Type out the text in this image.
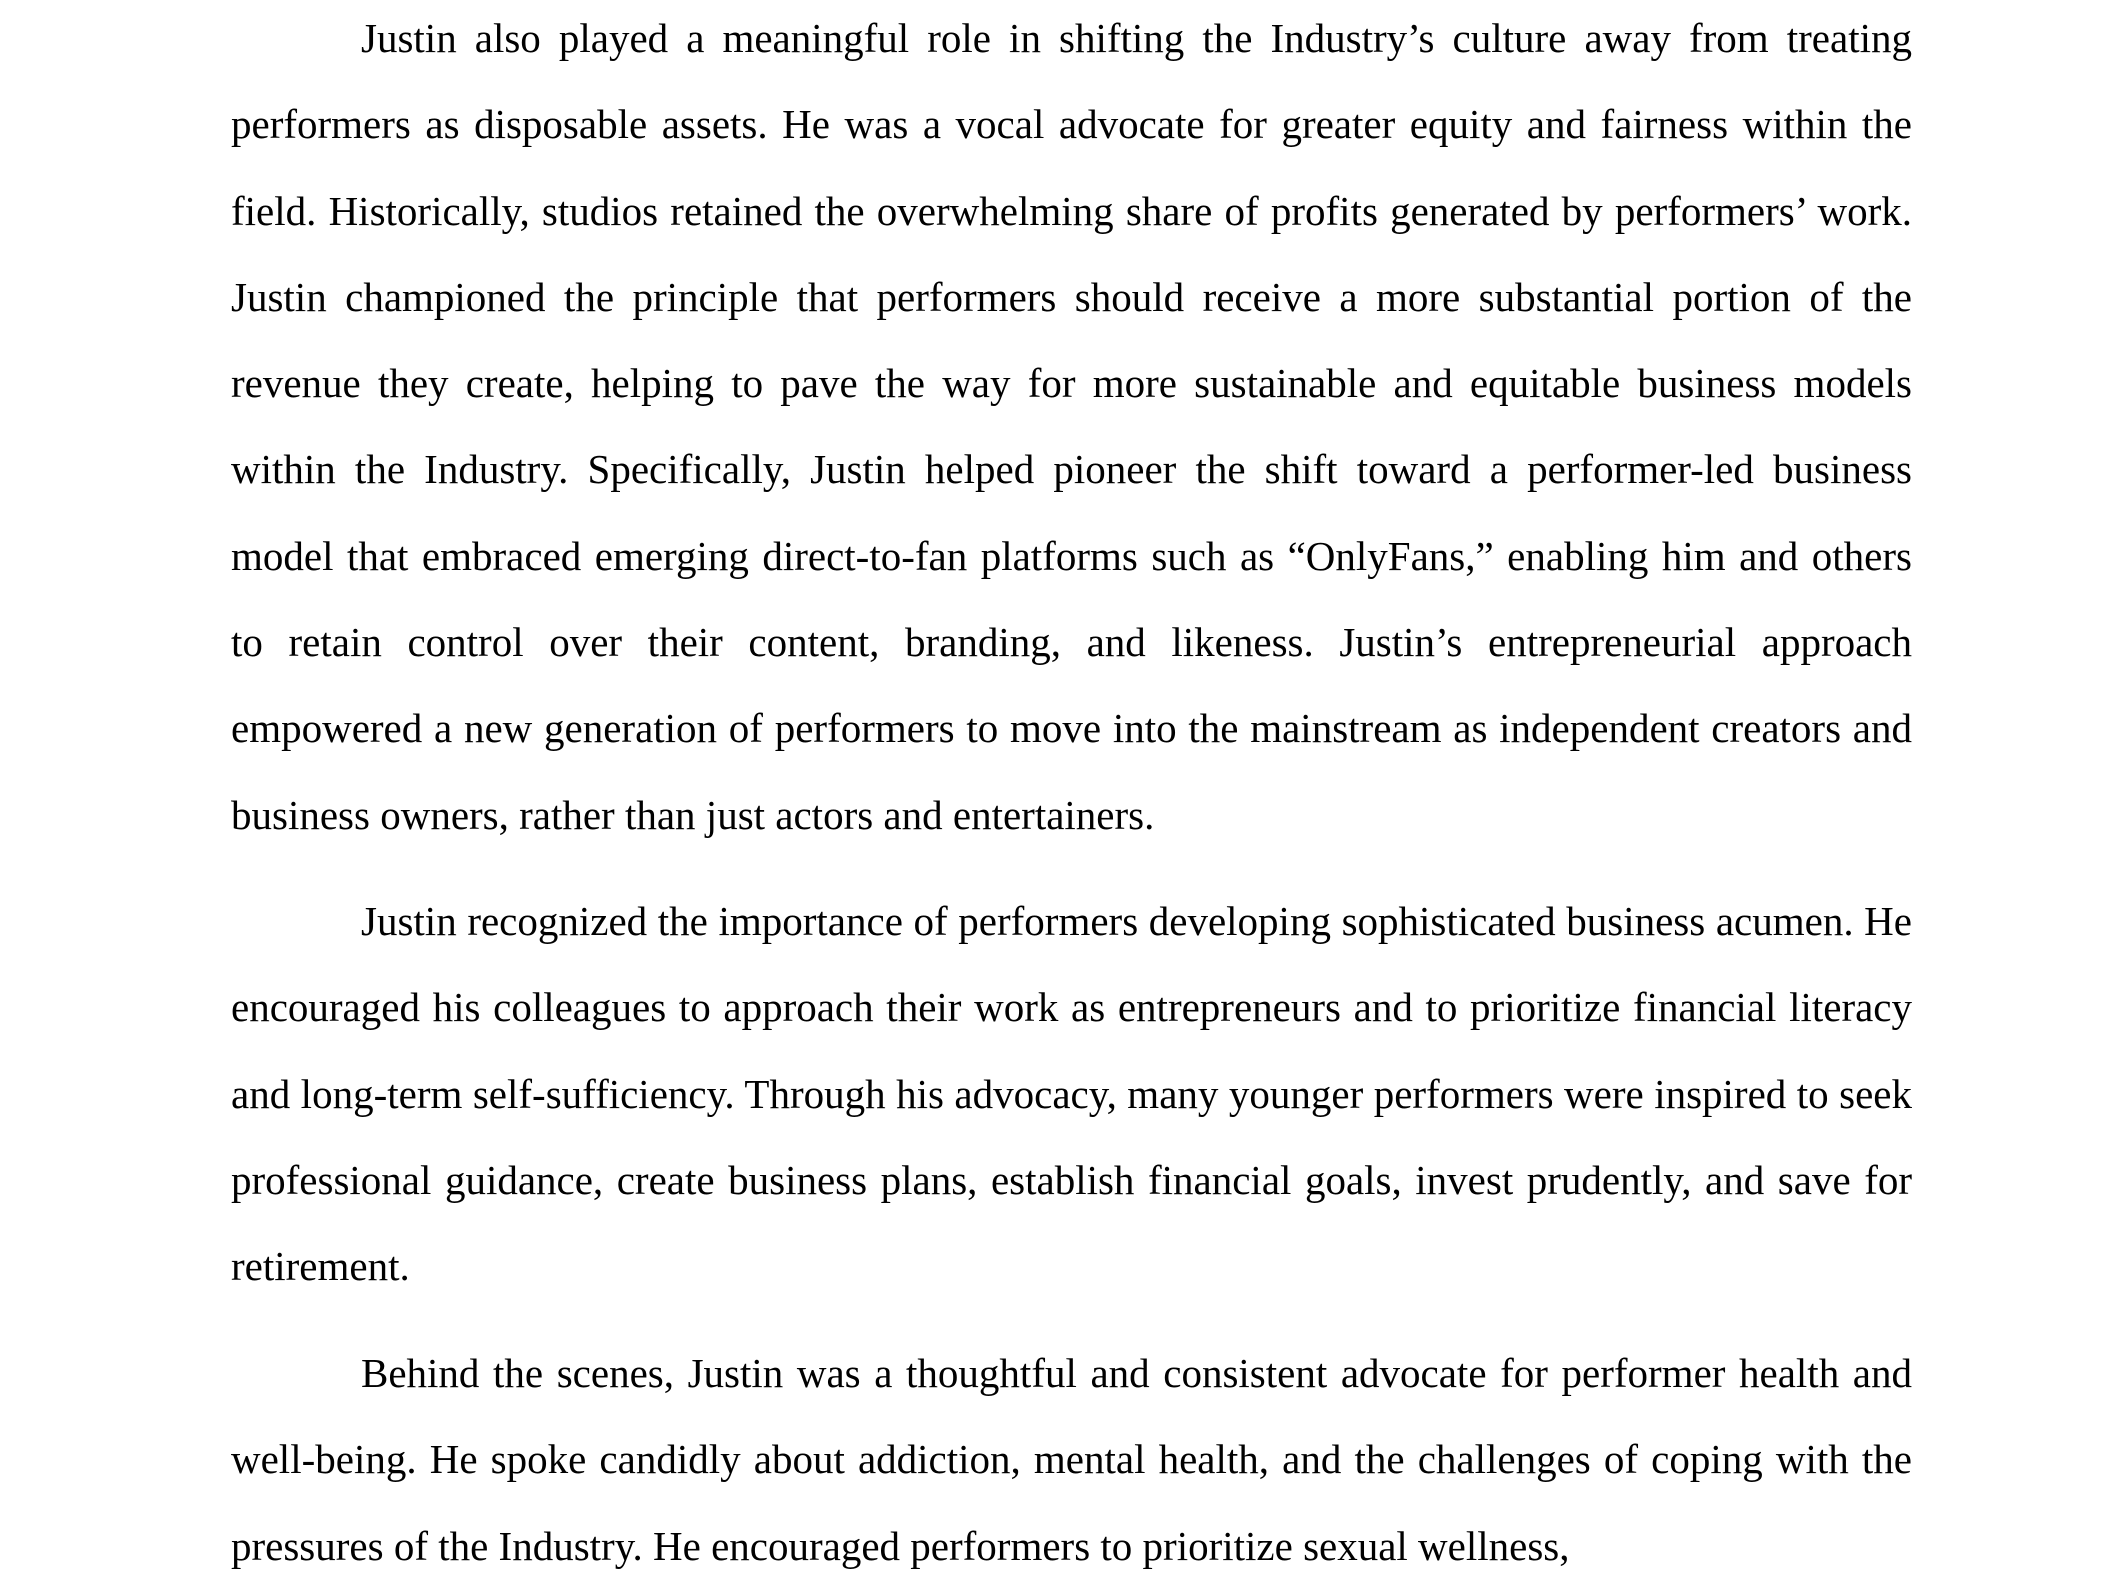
Justin also played a meaningful role in shifting the Industry’s culture away from treating performers as disposable assets. He was a vocal advocate for greater equity and fairness within the field. Historically, studios retained the overwhelming share of profits generated by performers’ work. Justin championed the principle that performers should receive a more substantial portion of the revenue they create, helping to pave the way for more sustainable and equitable business models within the Industry. Specifically, Justin helped pioneer the shift toward a performer-led business model that embraced emerging direct-to-fan platforms such as “OnlyFans,” enabling him and others to retain control over their content, branding, and likeness. Justin’s entrepreneurial approach empowered a new generation of performers to move into the mainstream as independent creators and business owners, rather than just actors and entertainers.

Justin recognized the importance of performers developing sophisticated business acumen. He encouraged his colleagues to approach their work as entrepreneurs and to prioritize financial literacy and long-term self-sufficiency. Through his advocacy, many younger performers were inspired to seek professional guidance, create business plans, establish financial goals, invest prudently, and save for retirement.

Behind the scenes, Justin was a thoughtful and consistent advocate for performer health and well-being. He spoke candidly about addiction, mental health, and the challenges of coping with the pressures of the Industry. He encouraged performers to prioritize sexual wellness,
